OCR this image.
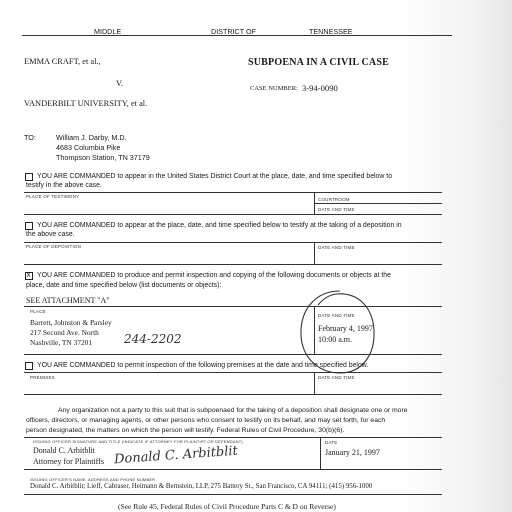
MIDDLE	DISTRICT OF	TENNESSEE
EMMA CRAFT, et al.,
V.
VANDERBILT UNIVERSITY, et al.
SUBPOENA IN A CIVIL CASE
CASE NUMBER: 3-94-0090
TO:	William J. Darby, M.D.
4683 Columbia Pike
Thompson Station, TN 37179
YOU ARE COMMANDED to appear in the United States District Court at the place, date, and time specified below to
testify in the above case.
PLACE OF TESTIMONY
COURTROOM
DATE AND TIME
YOU ARE COMMANDED to appear at the place, date, and time specified below to testify at the taking of a deposition in
the above case.
PLACE OF DEPOSITION	DATE AND TIME
x
YOU ARE COMMANDED to produce and permit inspection and copying of the following documents or objects at the
place, date and time specified below (list documents or objects):
SEE ATTACHMENT "A"
PLACE
Barrett, Johnston & Parsley
217 Second Ave. North
Nashville, TN 37201	244-2202
DATE AND TIME
February 4, 1997
10:00 a.m.
YOU ARE COMMANDED to permit inspection of the following premises at the date and time specified below.
PREMISES	DATE AND TIME
Any organization not a party to this suit that is subpoenaed for the taking of a deposition shall designate one or more
officers, directors, or managing agents, or other persons who consent to testify on its behalf, and may set forth, for each
person designated, the matters on which the person will testify. Federal Rules of Civil Procedure, 30(b)(6).
ISSUING OFFICER SIGNATURE AND TITLE (INDICATE IF ATTORNEY FOR PLAINTIFF OR DEFENDANT)
Donald C. Arbitblit
Attorney for Plaintiffs Donald C. Arbitblit
DATE
January 21, 1997
ISSUING OFFICER'S NAME, ADDRESS AND PHONE NUMBER
Donald C. Arbitblit; Lieff, Cabraser, Heimann & Bernstein, LLP, 275 Battery St., San Francisco, CA 94111; (415) 956-1000
(See Rule 45, Federal Rules of Civil Procedure Parts C & D on Reverse)
